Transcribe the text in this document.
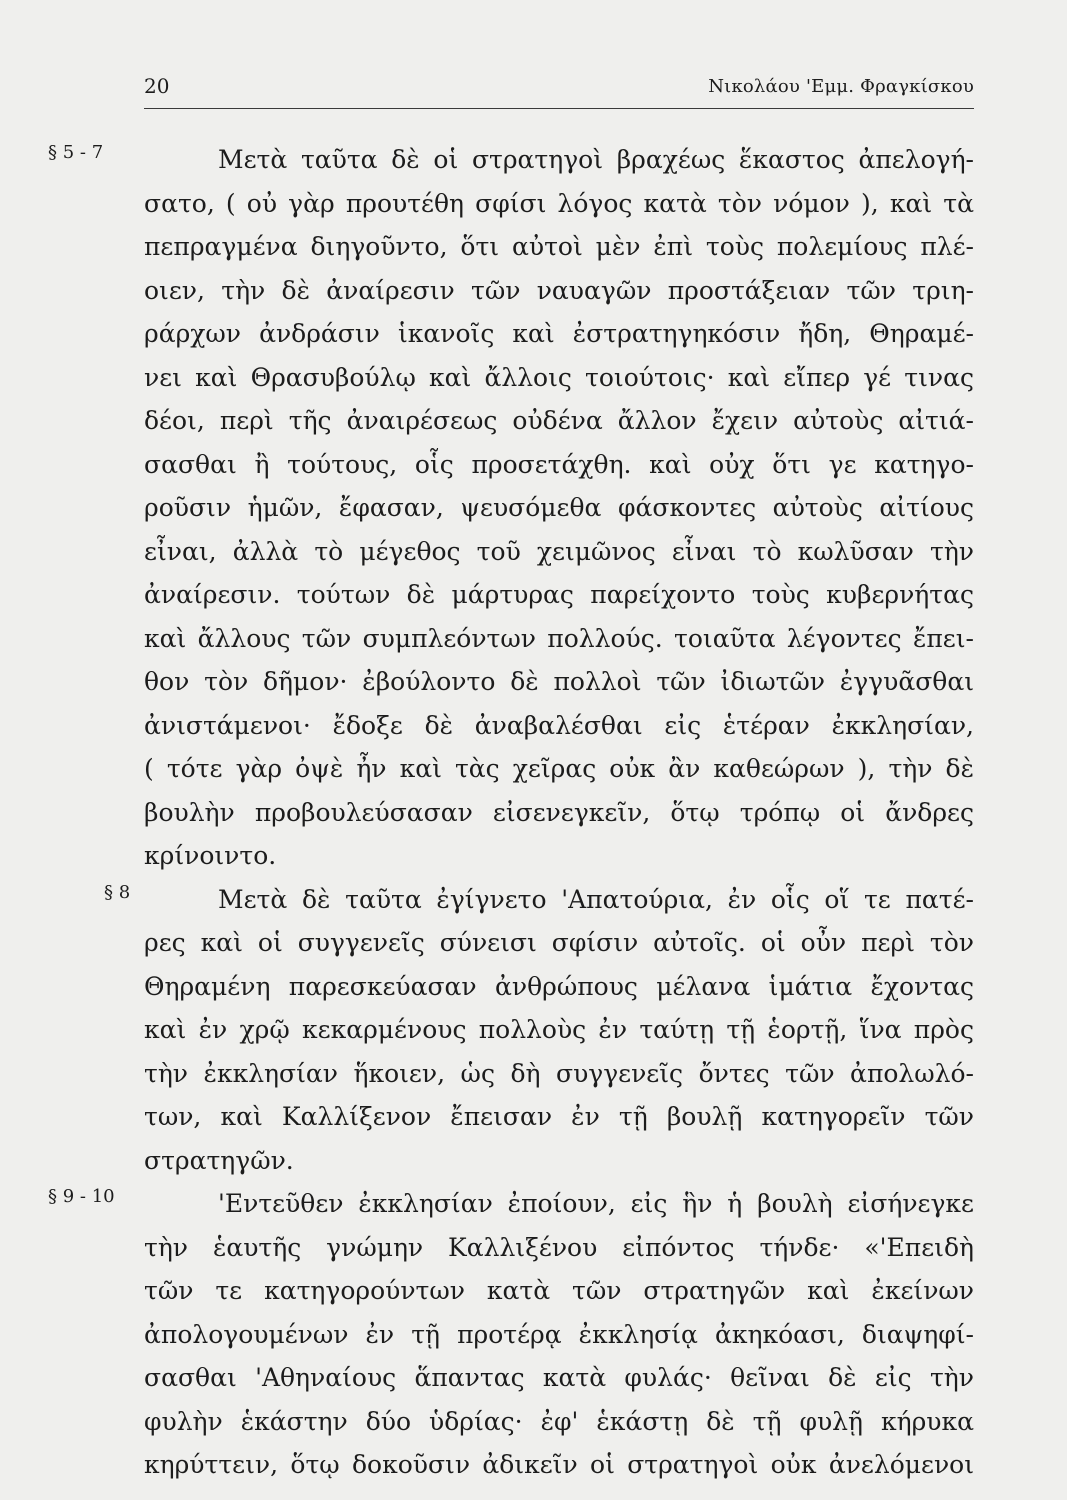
20	Νικολάου 'Εμμ. Φραγκίσκου
§ 5 - 7	Μετὰ ταῦτα δὲ οἱ στρατηγοὶ βραχέως ἕκαστος ἀπελογή-
σατο, ( οὐ γὰρ προυτέθη σφίσι λόγος κατὰ τὸν νόμον ), καὶ τὰ
πεπραγμένα διηγοῦντο, ὅτι αὐτοὶ μὲν ἐπὶ τοὺς πολεμίους πλέ-
οιεν, τὴν δὲ ἀναίρεσιν τῶν ναυαγῶν προστάξειαν τῶν τριη-
ράρχων ἀνδράσιν ἱκανοῖς καὶ ἐστρατηγηκόσιν ἤδη, Θηραμέ-
νει καὶ Θρασυβούλῳ καὶ ἄλλοις τοιούτοις· καὶ εἴπερ γέ τινας
δέοι, περὶ τῆς ἀναιρέσεως οὐδένα ἄλλον ἔχειν αὐτοὺς αἰτιά-
σασθαι ἢ τούτους, οἷς προσετάχθη. καὶ οὐχ ὅτι γε κατηγο-
ροῦσιν ἡμῶν, ἔφασαν, ψευσόμεθα φάσκοντες αὐτοὺς αἰτίους
εἶναι, ἀλλὰ τὸ μέγεθος τοῦ χειμῶνος εἶναι τὸ κωλῦσαν τὴν
ἀναίρεσιν. τούτων δὲ μάρτυρας παρείχοντο τοὺς κυβερνήτας
καὶ ἄλλους τῶν συμπλεόντων πολλούς. τοιαῦτα λέγοντες ἔπει-
θον τὸν δῆμον· ἐβούλοντο δὲ πολλοὶ τῶν ἰδιωτῶν ἐγγυᾶσθαι
ἀνιστάμενοι· ἔδοξε δὲ ἀναβαλέσθαι εἰς ἑτέραν ἐκκλησίαν,
( τότε γὰρ ὀψὲ ἦν καὶ τὰς χεῖρας οὐκ ἂν καθεώρων ), τὴν δὲ
βουλὴν προβουλεύσασαν εἰσενεγκεῖν, ὅτῳ τρόπῳ οἱ ἄνδρες
κρίνοιντο.
§ 8	Μετὰ δὲ ταῦτα ἐγίγνετο 'Απατούρια, ἐν οἷς οἵ τε πατέ-
ρες καὶ οἱ συγγενεῖς σύνεισι σφίσιν αὐτοῖς. οἱ οὖν περὶ τὸν
Θηραμένη παρεσκεύασαν ἀνθρώπους μέλανα ἱμάτια ἔχοντας
καὶ ἐν χρῷ κεκαρμένους πολλοὺς ἐν ταύτῃ τῇ ἑορτῇ, ἵνα πρὸς
τὴν ἐκκλησίαν ἥκοιεν, ὡς δὴ συγγενεῖς ὄντες τῶν ἀπολωλό-
των, καὶ Καλλίξενον ἔπεισαν ἐν τῇ βουλῇ κατηγορεῖν τῶν
στρατηγῶν.
§ 9 - 10	'Εντεῦθεν ἐκκλησίαν ἐποίουν, εἰς ἣν ἡ βουλὴ εἰσήνεγκε
τὴν ἑαυτῆς γνώμην Καλλιξένου εἰπόντος τήνδε· «'Επειδὴ
τῶν τε κατηγορούντων κατὰ τῶν στρατηγῶν καὶ ἐκείνων
ἀπολογουμένων ἐν τῇ προτέρᾳ ἐκκλησίᾳ ἀκηκόασι, διαψηφί-
σασθαι 'Αθηναίους ἅπαντας κατὰ φυλάς· θεῖναι δὲ εἰς τὴν
φυλὴν ἑκάστην δύο ὑδρίας· ἐφ' ἑκάστῃ δὲ τῇ φυλῇ κήρυκα
κηρύττειν, ὅτῳ δοκοῦσιν ἀδικεῖν οἱ στρατηγοὶ οὐκ ἀνελόμενοι
